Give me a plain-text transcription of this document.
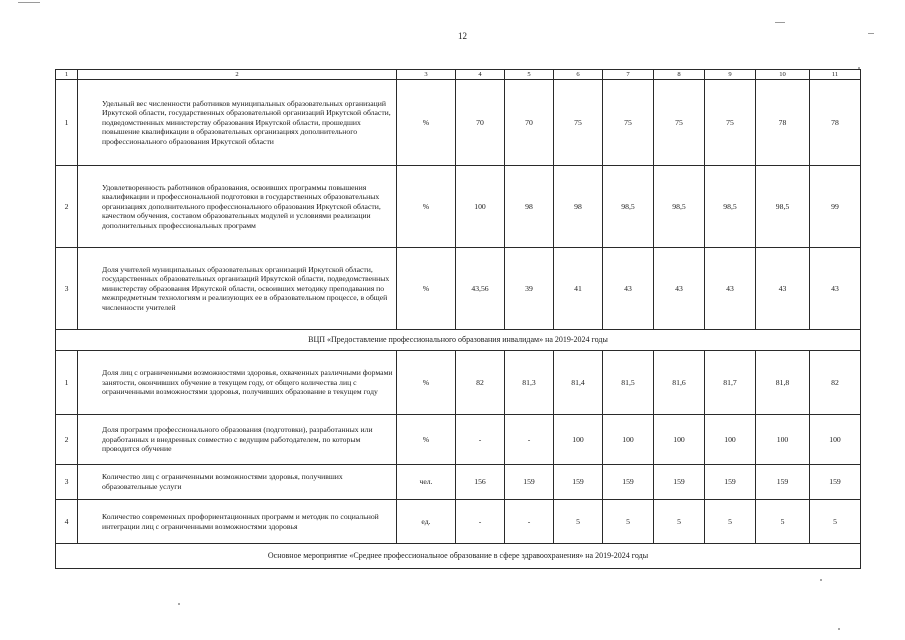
12
1	2	3	4	5	6	7	8	9	10	11
1	Удельный вес численности работников муниципальных образовательных организаций Иркутской области, государственных образовательной организаций Иркутской области, подведомственных министерству образования Иркутской области, прошедших повышение квалификации в образовательных организациях дополнительного профессионального образования Иркутской области	%	70	70	75	75	75	75	78	78
2	Удовлетворенность работников образования, освоивших программы повышения квалификации и профессиональной подготовки в государственных образовательных организациях дополнительного профессионального образования Иркутской области, качеством обучения, составом образовательных модулей и условиями реализации дополнительных профессиональных программ	%	100	98	98	98,5	98,5	98,5	98,5	99
3	Доля учителей муниципальных образовательных организаций Иркутской области, государственных образовательных организаций Иркутской области, подведомственных министерству образования Иркутской области, освоивших методику преподавания по межпредметным технологиям и реализующих ее в образовательном процессе, в общей численности учителей	%	43,56	39	41	43	43	43	43	43
ВЦП «Предоставление профессионального образования инвалидам» на 2019-2024 годы										
1	Доля лиц с ограниченными возможностями здоровья, охваченных различными формами занятости, окончивших обучение в текущем году, от общего количества лиц с ограниченными возможностями здоровья, получивших образование в текущем году	%	82	81,3	81,4	81,5	81,6	81,7	81,8	82
2	Доля программ профессионального образования (подготовки), разработанных или доработанных и внедренных совместно с ведущим работодателем, по которым проводится обучение	%	-	-	100	100	100	100	100	100
3	Количество лиц с ограниченными возможностями здоровья, получивших образовательные услуги	чел.	156	159	159	159	159	159	159	159
4	Количество современных профориентационных программ и методик по социальной интеграции лиц с ограниченными возможностями здоровья	ед.	-	-	5	5	5	5	5	5
Основное мероприятие «Среднее профессиональное образование в сфере здравоохранения» на 2019-2024 годы										
